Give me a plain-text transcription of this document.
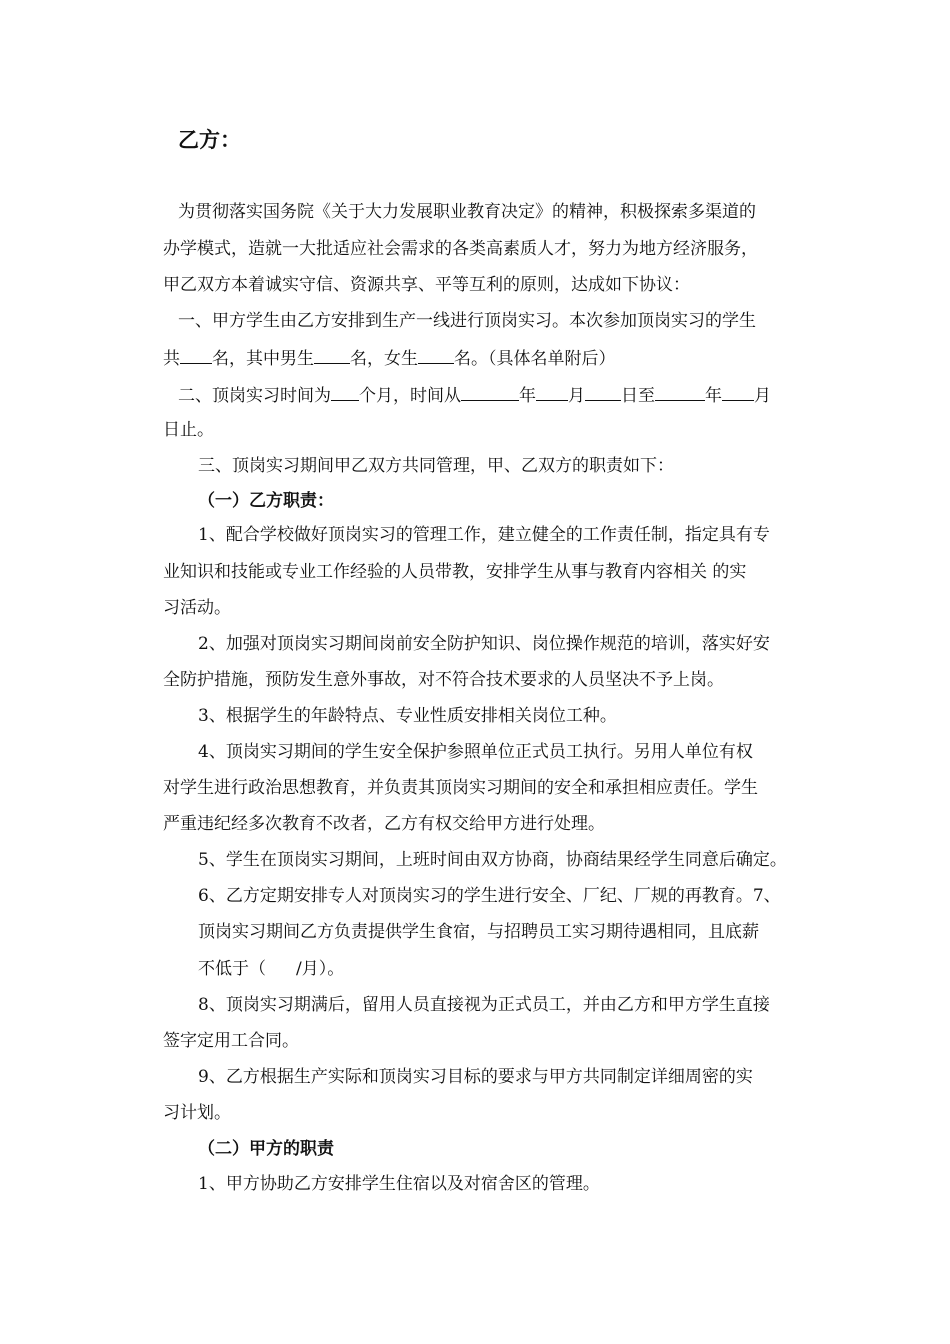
乙方：
为贯彻落实国务院《关于大力发展职业教育决定》的精神，积极探索多渠道的
办学模式，造就一大批适应社会需求的各类高素质人才，努力为地方经济服务，
甲乙双方本着诚实守信、资源共享、平等互利的原则，达成如下协议：
一、甲方学生由乙方安排到生产一线进行顶岗实习。本次参加顶岗实习的学生
共 名，其中男生 名，女生 名。（具体名单附后）
二、顶岗实习时间为 个月，时间从	年 月 日至	年 月
日止。
三、顶岗实习期间甲乙双方共同管理，甲、乙双方的职责如下：
（一）乙方职责：
1、配合学校做好顶岗实习的管理工作，建立健全的工作责任制，指定具有专
业知识和技能或专业工作经验的人员带教，安排学生从事与教育内容相关 的实
习活动。
2、加强对顶岗实习期间岗前安全防护知识、岗位操作规范的培训，落实好安
全防护措施，预防发生意外事故，对不符合技术要求的人员坚决不予上岗。
3、根据学生的年龄特点、专业性质安排相关岗位工种。
4、顶岗实习期间的学生安全保护参照单位正式员工执行。另用人单位有权
对学生进行政治思想教育，并负责其顶岗实习期间的安全和承担相应责任。学生
严重违纪经多次教育不改者，乙方有权交给甲方进行处理。
5、学生在顶岗实习期间，上班时间由双方协商，协商结果经学生同意后确定。
6、乙方定期安排专人对顶岗实习的学生进行安全、厂纪、厂规的再教育。7、
顶岗实习期间乙方负责提供学生食宿，与招聘员工实习期待遇相同，且底薪
不低于（ /月）。
8、顶岗实习期满后，留用人员直接视为正式员工，并由乙方和甲方学生直接
签字定用工合同。
9、乙方根据生产实际和顶岗实习目标的要求与甲方共同制定详细周密的实
习计划。
（二）甲方的职责
1、甲方协助乙方安排学生住宿以及对宿舍区的管理。
